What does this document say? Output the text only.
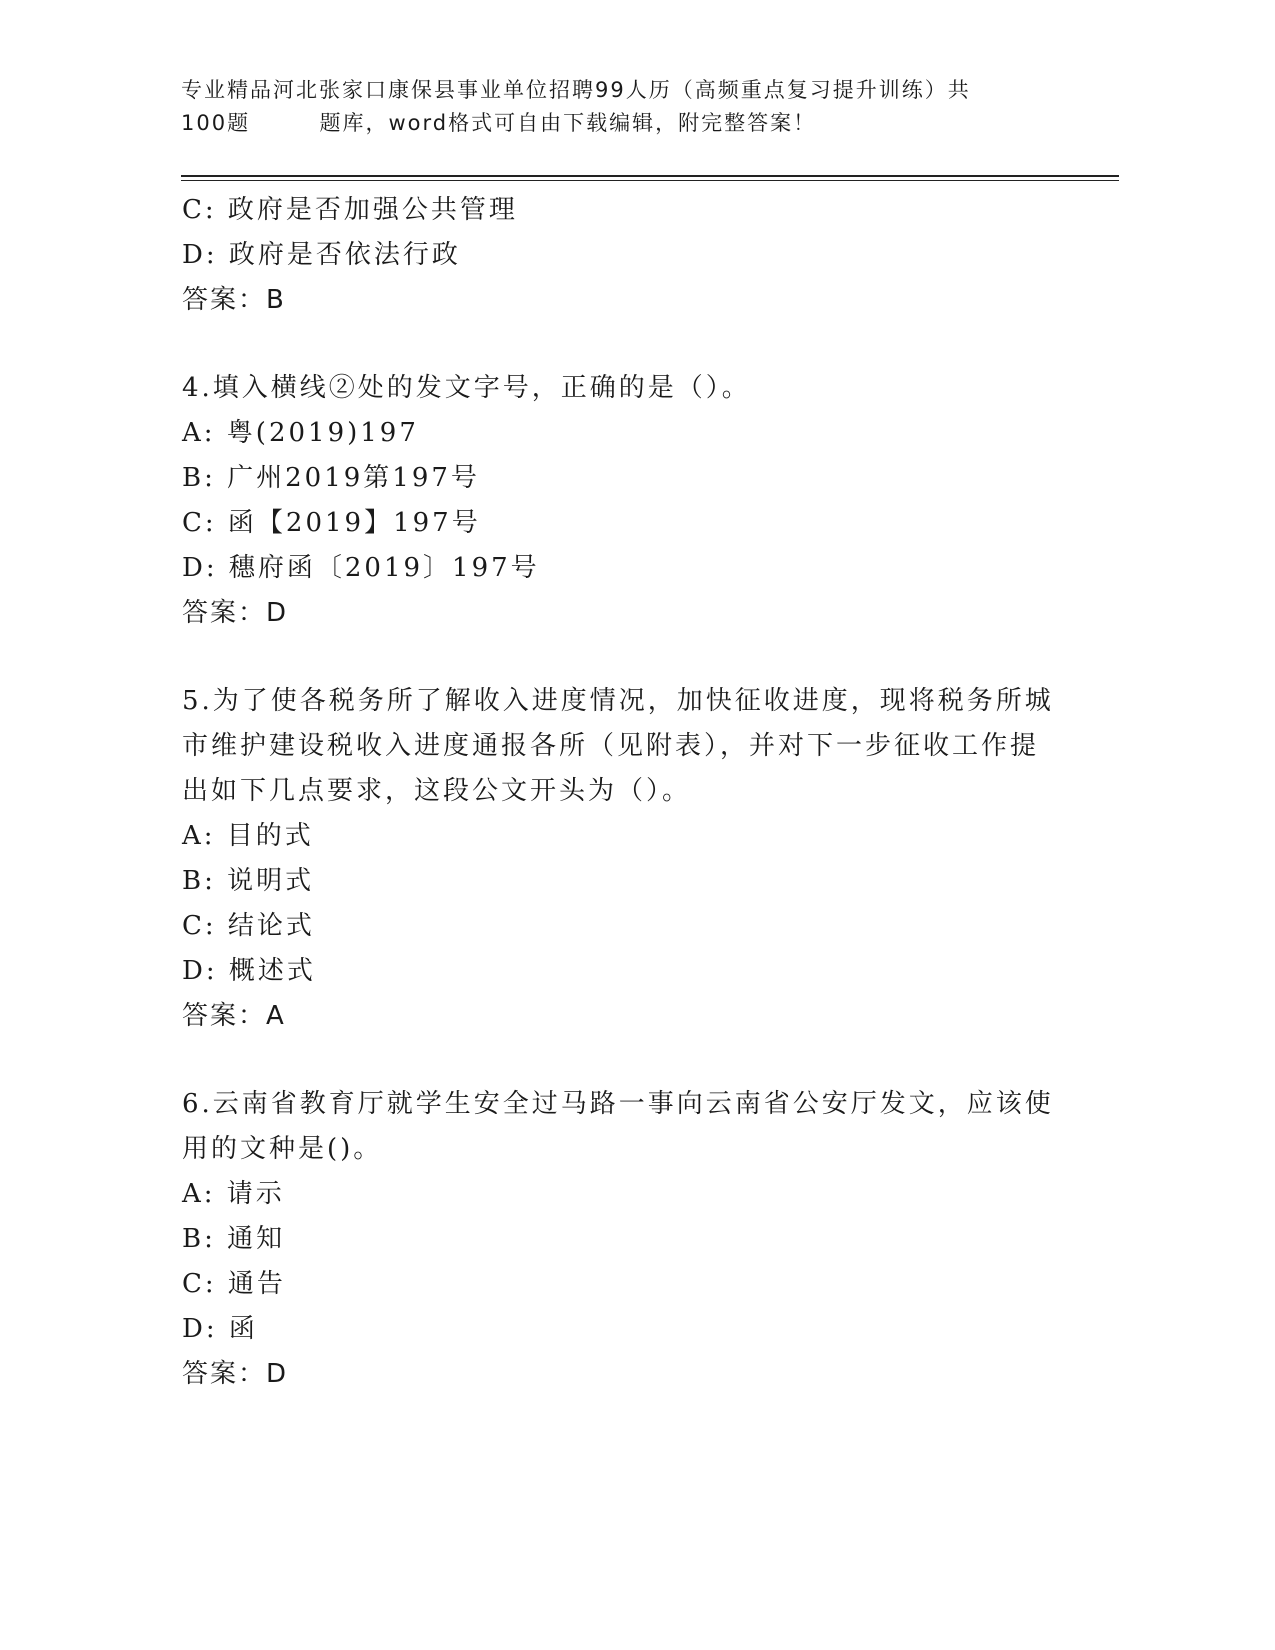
专业精品河北张家口康保县事业单位招聘99人历（高频重点复习提升训练）共
100题        题库，word格式可自由下载编辑，附完整答案！

C: 政府是否加强公共管理

D: 政府是否依法行政

答案：B

4.填入横线②处的发文字号，正确的是（）。

A: 粤(2019)197

B: 广州2019第197号

C: 函【2019】197号

D: 穗府函〔2019〕197号

答案：D

5.为了使各税务所了解收入进度情况，加快征收进度，现将税务所城

市维护建设税收入进度通报各所（见附表），并对下一步征收工作提

出如下几点要求，这段公文开头为（）。

A: 目的式

B: 说明式

C: 结论式

D: 概述式

答案：A

6.云南省教育厅就学生安全过马路一事向云南省公安厅发文，应该使

用的文种是()。

A: 请示

B: 通知

C: 通告

D: 函

答案：D
